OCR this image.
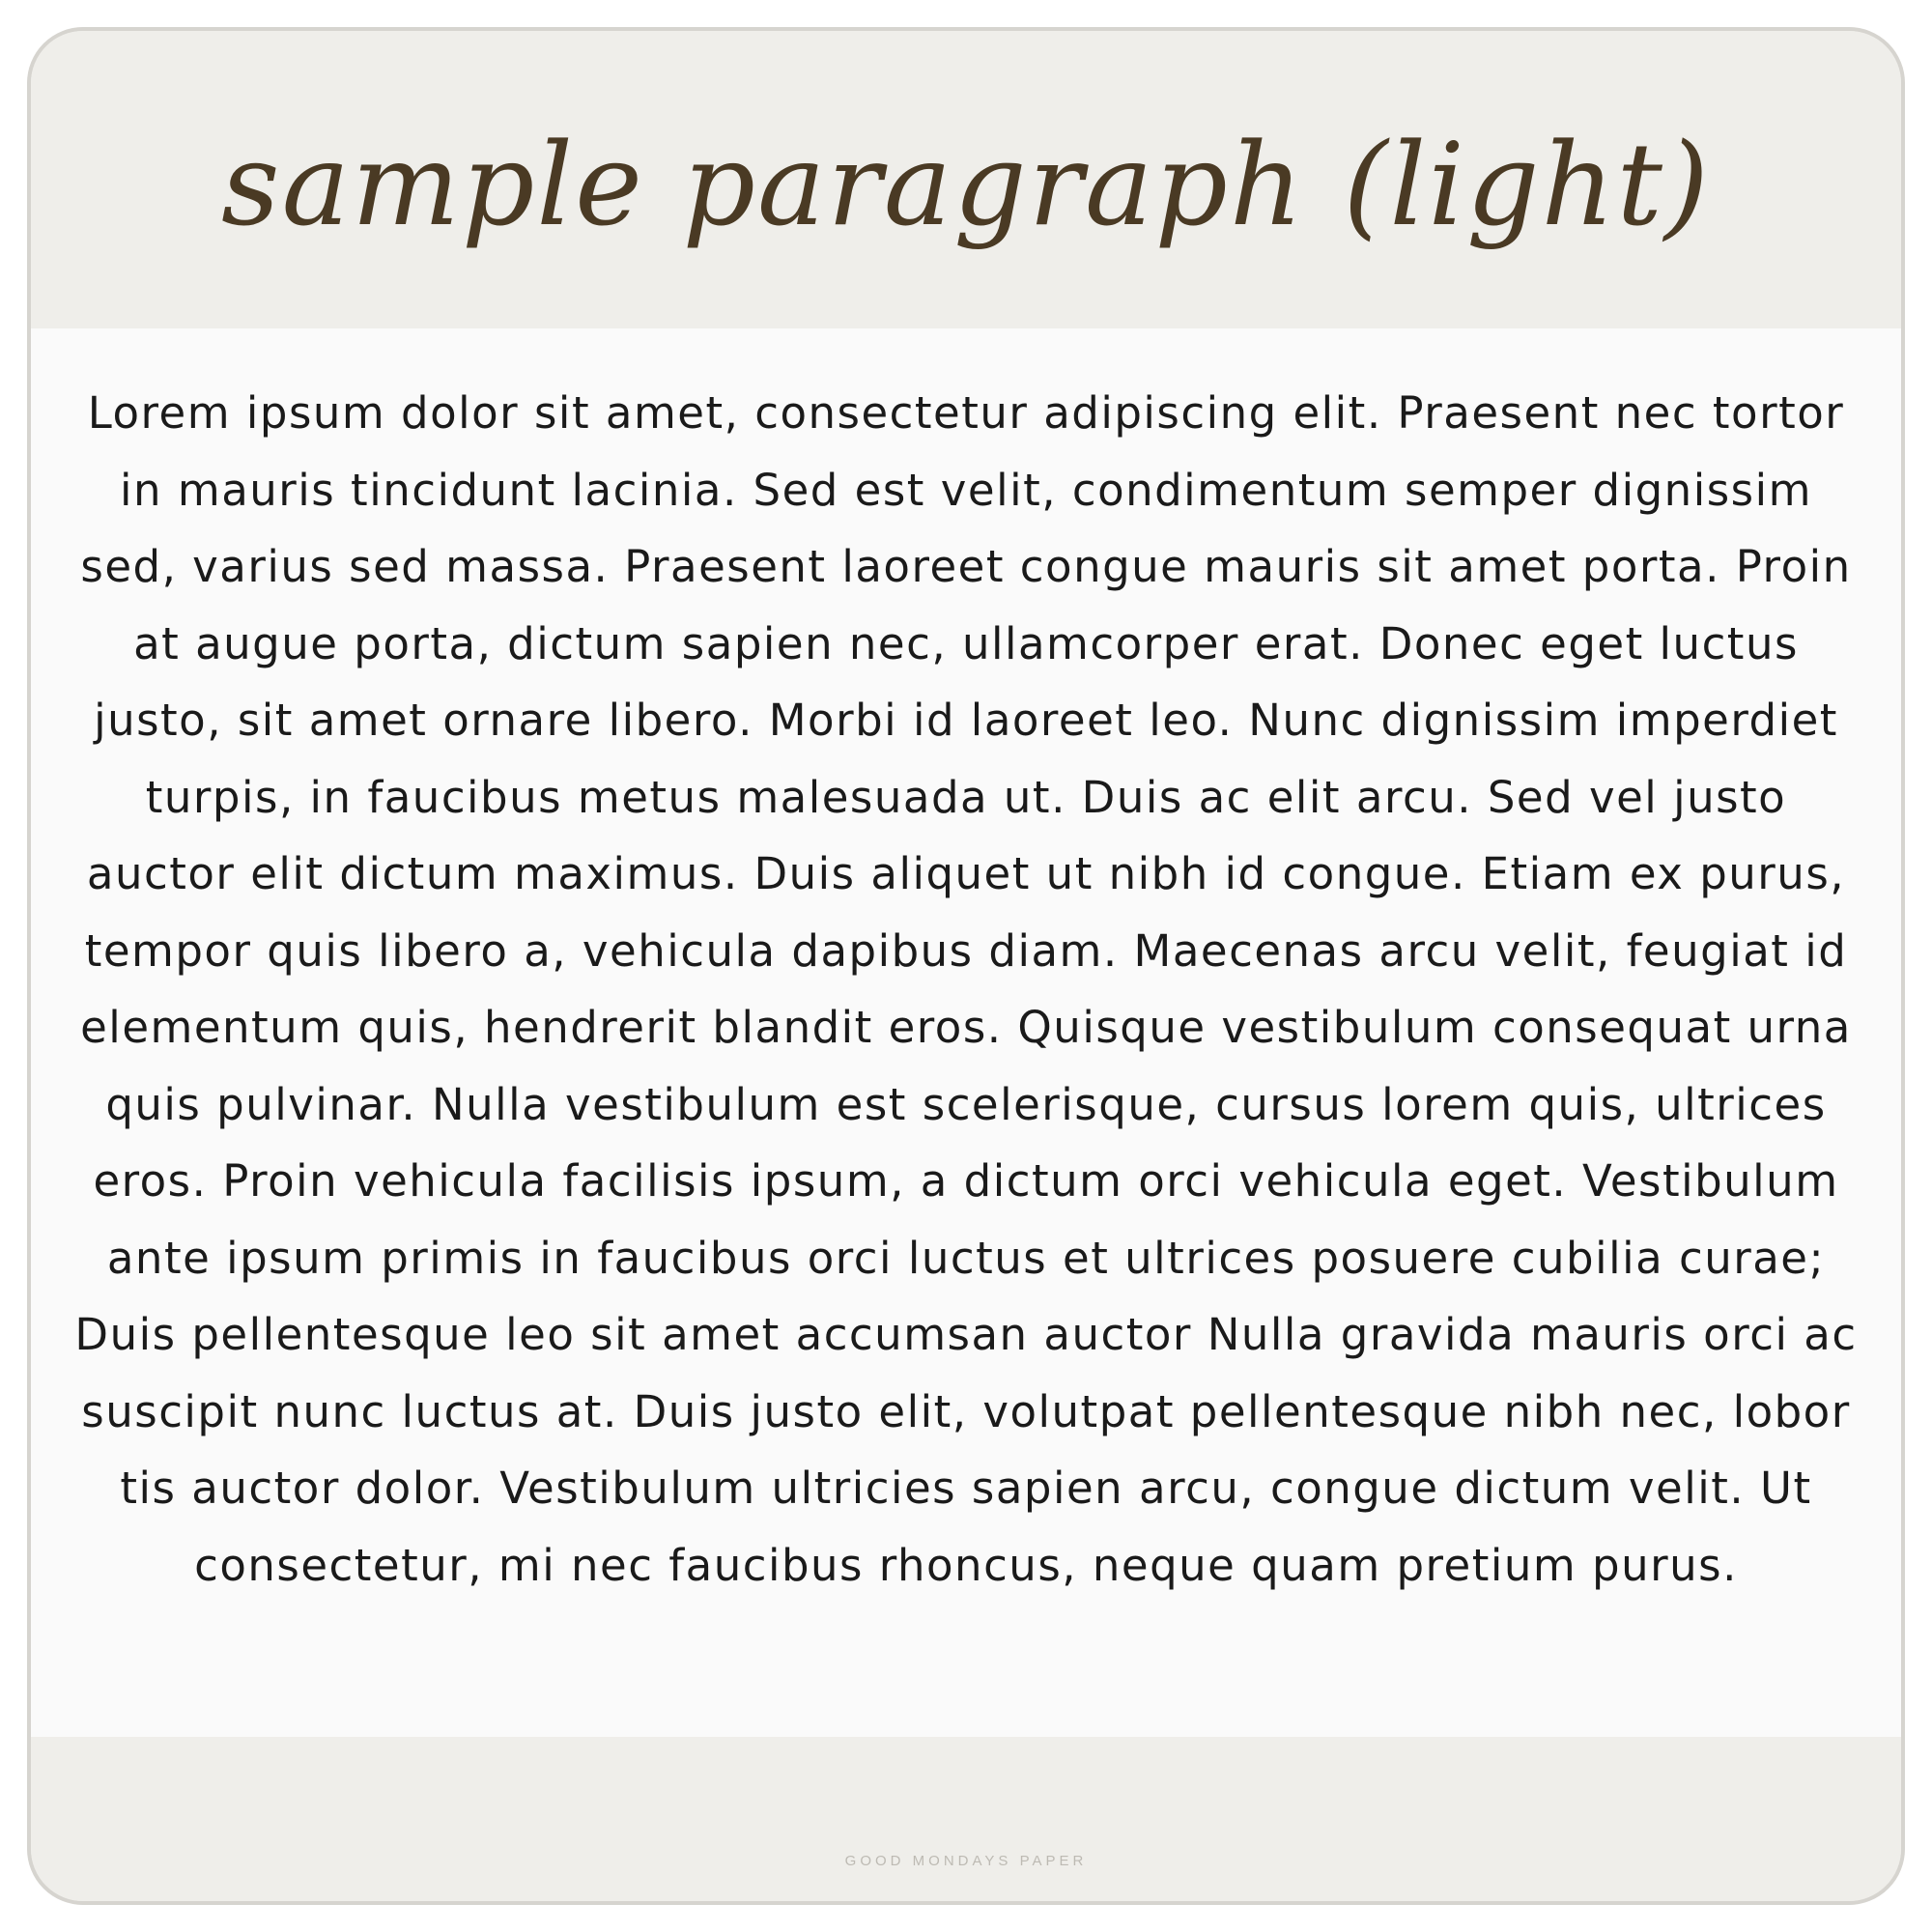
sample paragraph (light)

Lorem ipsum dolor sit amet, consectetur adipiscing elit. Praesent nec tortor in mauris tincidunt lacinia. Sed est velit, condimentum semper dignissim sed, varius sed massa. Praesent laoreet congue mauris sit amet porta. Proin at augue porta, dictum sapien nec, ullamcorper erat. Donec eget luctus justo, sit amet ornare libero. Morbi id laoreet leo. Nunc dignissim imperdiet turpis, in faucibus metus malesuada ut. Duis ac elit arcu. Sed vel justo auctor elit dictum maximus. Duis aliquet ut nibh id congue. Etiam ex purus, tempor quis libero a, vehicula dapibus diam. Maecenas arcu velit, feugiat id elementum quis, hendrerit blandit eros. Quisque vestibulum consequat urna quis pulvinar. Nulla vestibulum est scelerisque, cursus lorem quis, ultrices eros. Proin vehicula facilisis ipsum, a dictum orci vehicula eget. Vestibulum ante ipsum primis in faucibus orci luctus et ultrices posuere cubilia curae; Duis pellentesque leo sit amet accumsan auctor Nulla gravida mauris orci ac suscipit nunc luctus at. Duis justo elit, volutpat pellentesque nibh nec, lobor tis auctor dolor. Vestibulum ultricies sapien arcu, congue dictum velit. Ut consectetur, mi nec faucibus rhoncus, neque quam pretium purus.

GOOD MONDAYS PAPER
